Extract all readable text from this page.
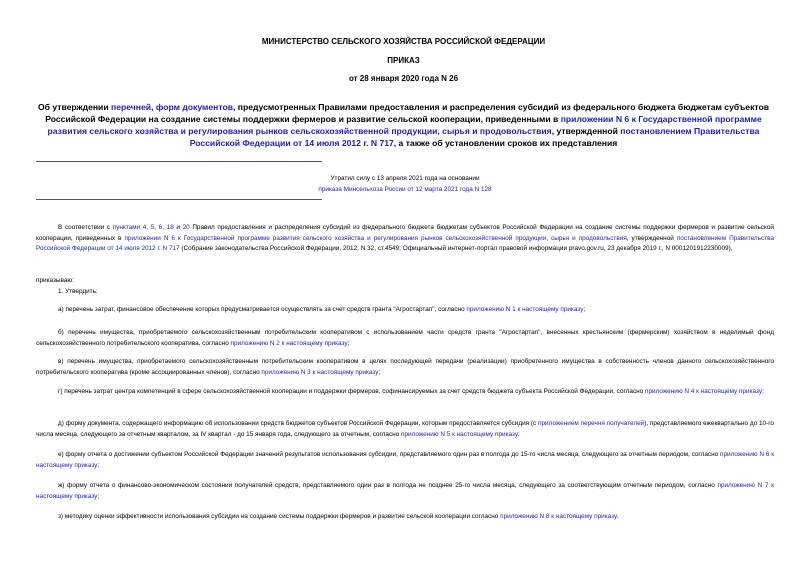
МИНИСТЕРСТВО СЕЛЬСКОГО ХОЗЯЙСТВА РОССИЙСКОЙ ФЕДЕРАЦИИ
ПРИКАЗ
от 28 января 2020 года N 26
Об утверждении перечней, форм документов, предусмотренных Правилами предоставления и распределения субсидий из федерального бюджета бюджетам субъектов Российской Федерации на создание системы поддержки фермеров и развитие сельской кооперации, приведенными в приложении N 6 к Государственной программе развития сельского хозяйства и регулирования рынков сельскохозяйственной продукции, сырья и продовольствия, утвержденной постановлением Правительства Российской Федерации от 14 июля 2012 г. N 717, а также об установлении сроков их представления
Утратил силу с 13 апреля 2021 года на основании
приказа Минсельхоза России от 12 марта 2021 года N 128
В соответствии с пунктами 4, 5, 6, 18 и 20 Правил предоставления и распределения субсидий из федерального бюджета бюджетам субъектов Российской Федерации на создание системы поддержки фермеров и развитие сельской кооперации, приведенных в приложении N 6 к Государственной программе развития сельского хозяйства и регулирования рынков сельскохозяйственной продукции, сырья и продовольствия, утвержденной постановлением Правительства Российской Федерации от 14 июля 2012 г. N 717 (Собрание законодательства Российской Федерации, 2012, N 32, ст.4549; Официальный интернет-портал правовой информации pravo.gov.ru, 23 декабря 2019 г., N 0001201912230009),
приказываю:
1. Утвердить:
а) перечень затрат, финансовое обеспечение которых предусматривается осуществлять за счет средств гранта "Агростартап", согласно приложению N 1 к настоящему приказу;
б) перечень имущества, приобретаемого сельскохозяйственным потребительским кооперативом с использованием части средств гранта "Агростартап", внесенных крестьянским (фермерским) хозяйством в неделимый фонд сельскохозяйственного потребительского кооператива, согласно приложению N 2 к настоящему приказу;
в) перечень имущества, приобретаемого сельскохозяйственным потребительским кооперативом в целях последующей передачи (реализации) приобретенного имущества в собственность членов данного сельскохозяйственного потребительского кооператива (кроме ассоциированных членов), согласно приложению N 3 к настоящему приказу;
г) перечень затрат центра компетенций в сфере сельскохозяйственной кооперации и поддержки фермеров, софинансируемых за счет средств бюджета субъекта Российской Федерации, согласно приложению N 4 к настоящему приказу;
д) форму документа, содержащего информацию об использовании средств бюджетов субъектов Российской Федерации, которым предоставляется субсидия (с приложением перечня получателей), представляемого ежеквартально до 10-го числа месяца, следующего за отчетным кварталом, за IV квартал - до 15 января года, следующего за отчетным, согласно приложению N 5 к настоящему приказу;
е) форму отчета о достижении субъектом Российской Федерации значений результатов использования субсидии, представляемого один раз в полгода до 15-го числа месяца, следующего за отчетным периодом, согласно приложению N 6 к настоящему приказу;
ж) форму отчета о финансово-экономическом состоянии получателей средств, представляемого один раз в полгода не позднее 25-го числа месяца, следующего за соответствующим отчетным периодом, согласно приложению N 7 к настоящему приказу;
з) методику оценки эффективности использования субсидии на создание системы поддержки фермеров и развитие сельской кооперации согласно приложению N 8 к настоящему приказу.
